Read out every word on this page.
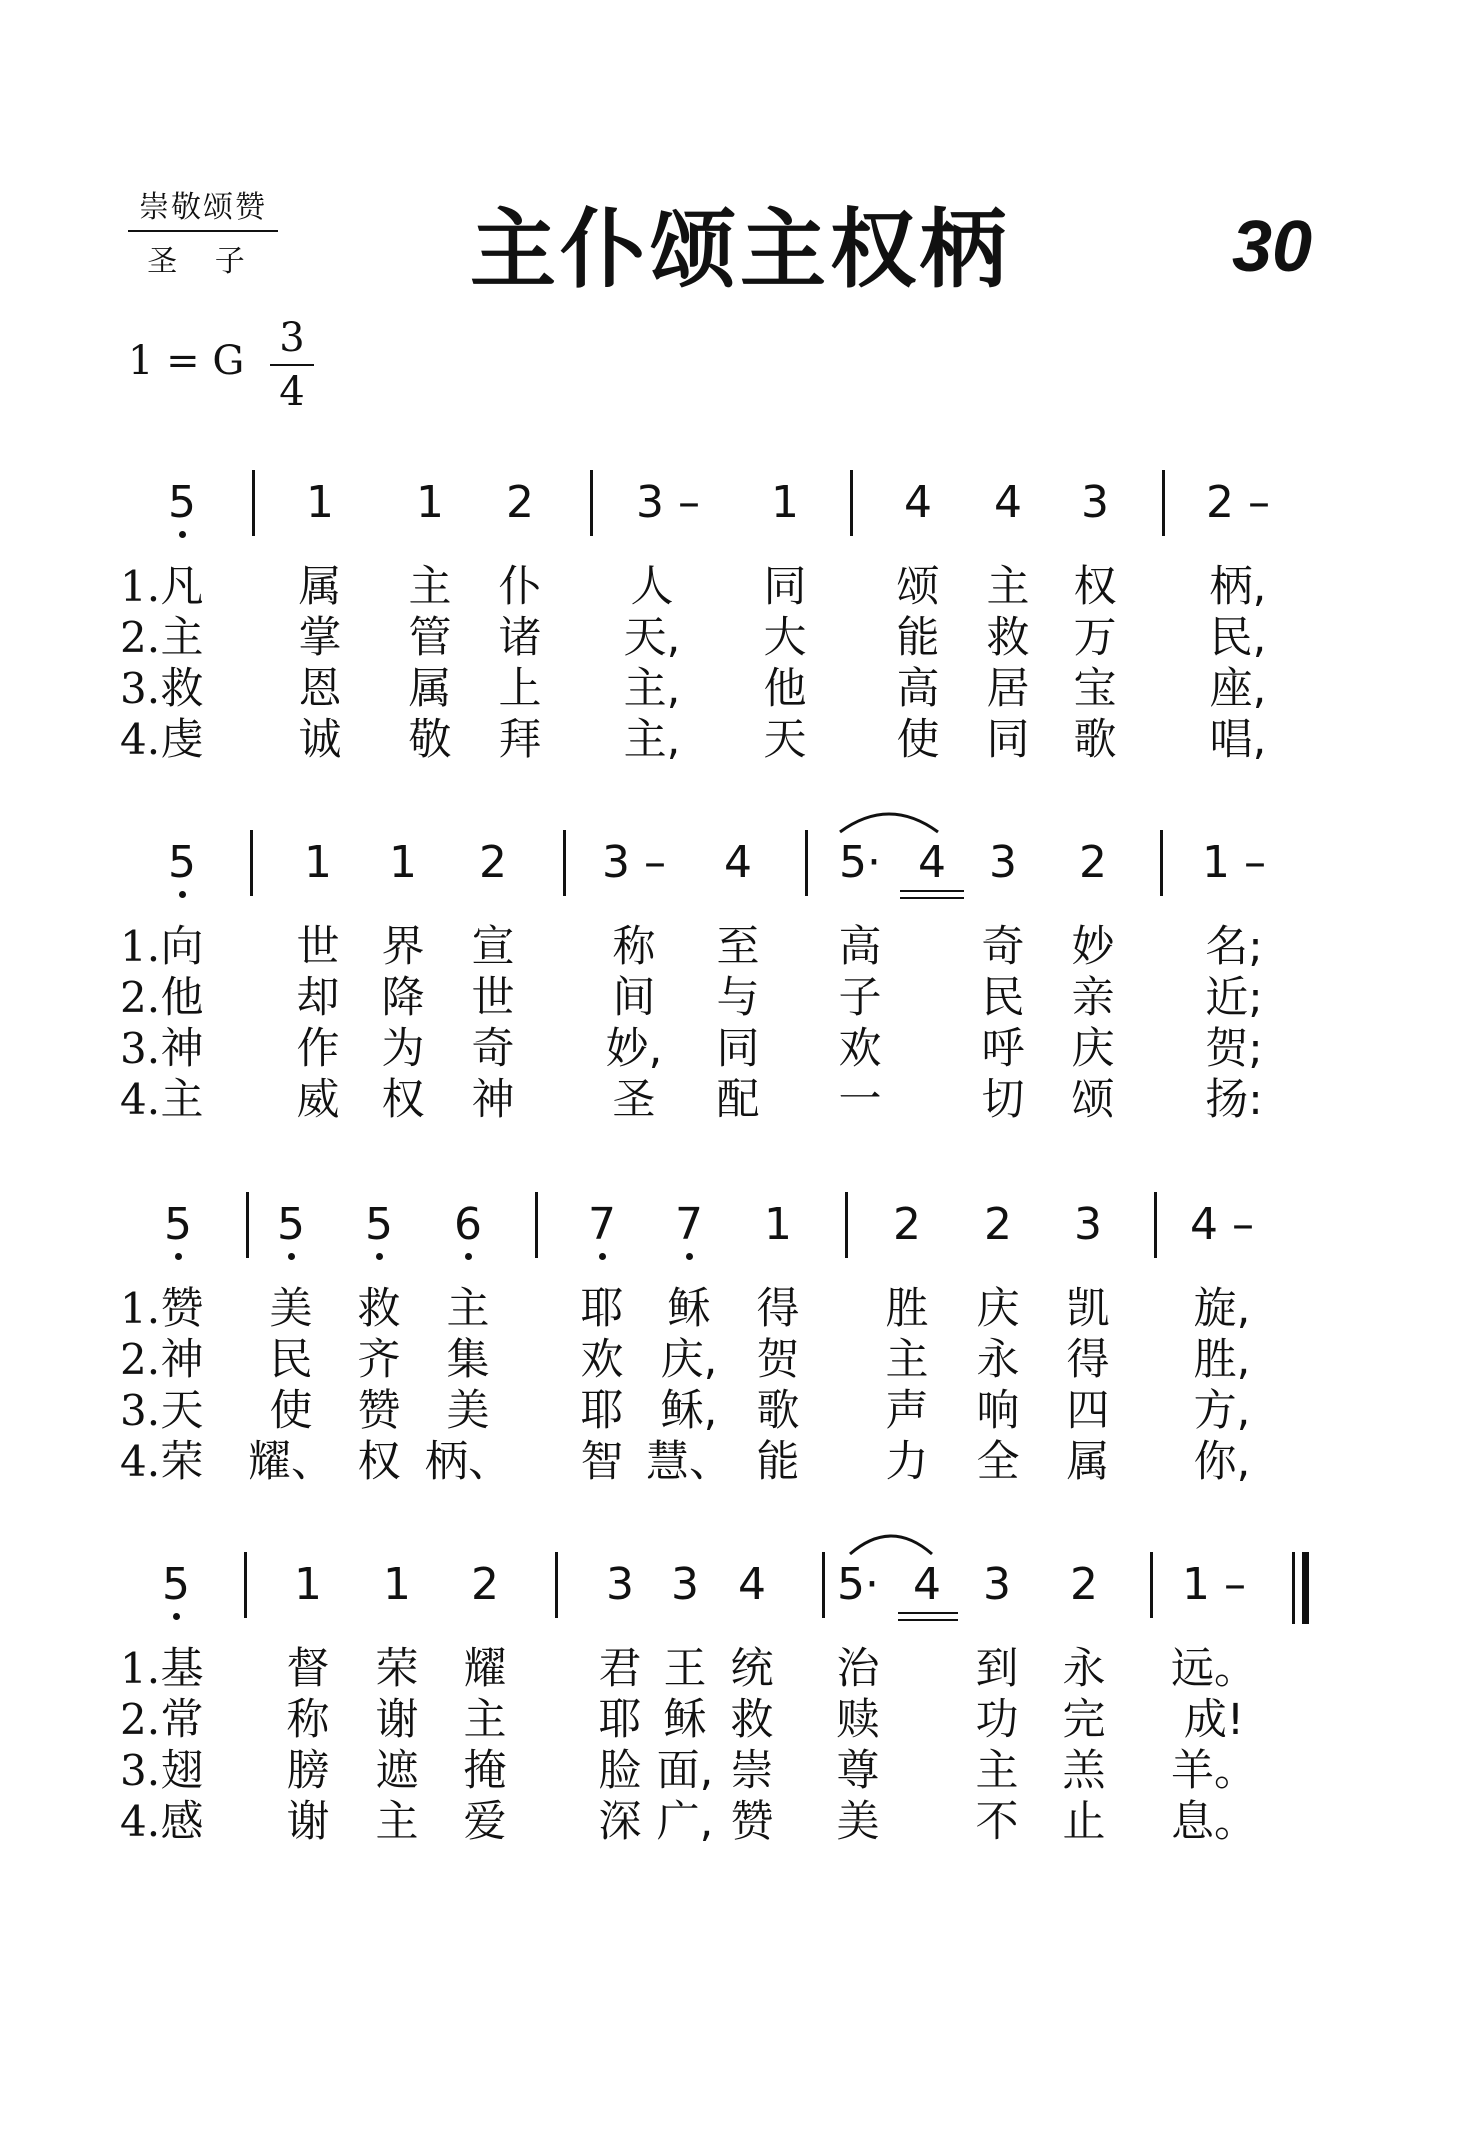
崇敬颂赞
圣 子 主仆颂主权柄	30
1 = G $\frac{3}{4}$
5	1 1 2 3 – 1 4 4 3 2 –
1. 凡 属 主 仆 人 同 颂 主 权 柄,
2. 主 掌 管 诸 天, 大 能 救 万 民,
3. 救 恩 属 上 主, 他 高 居 宝 座,
4. 虔 诚 敬 拜 主, 天 使 同 歌 唱,
5 1 1 2 3 – 4 5· 4 3 2 1 –
1. 向 世 界 宣 称 至 高 奇 妙 名;
2. 他 却 降 世 间 与 子 民 亲 近;
3. 神 作 为 奇 妙, 同 欢 呼 庆 贺;
4. 主 威 权 神 圣 配 一 切 颂 扬:
5 5 5 6 7 7 1 2 2 3 4 –
1. 赞 美 救 主 耶 稣 得 胜 庆 凯 旋,
2. 神 民 齐 集 欢 庆, 贺 主 永 得 胜,
3. 天 使 赞 美 耶 稣, 歌 声 响 四 方,
4. 荣 耀、 权 柄、 智 慧、 能 力 全 属 你,
5 1 1 2 3 3 4 5· 4 3 2 1 –
1. 基 督 荣 耀 君 王 统 治 到 永 远。
2. 常 称 谢 主 耶 稣 救 赎 功 完 成!
3. 翅 膀 遮 掩 脸 面, 崇 尊 主 羔 羊。
4. 感 谢 主 爱 深 广, 赞 美 不 止 息。
